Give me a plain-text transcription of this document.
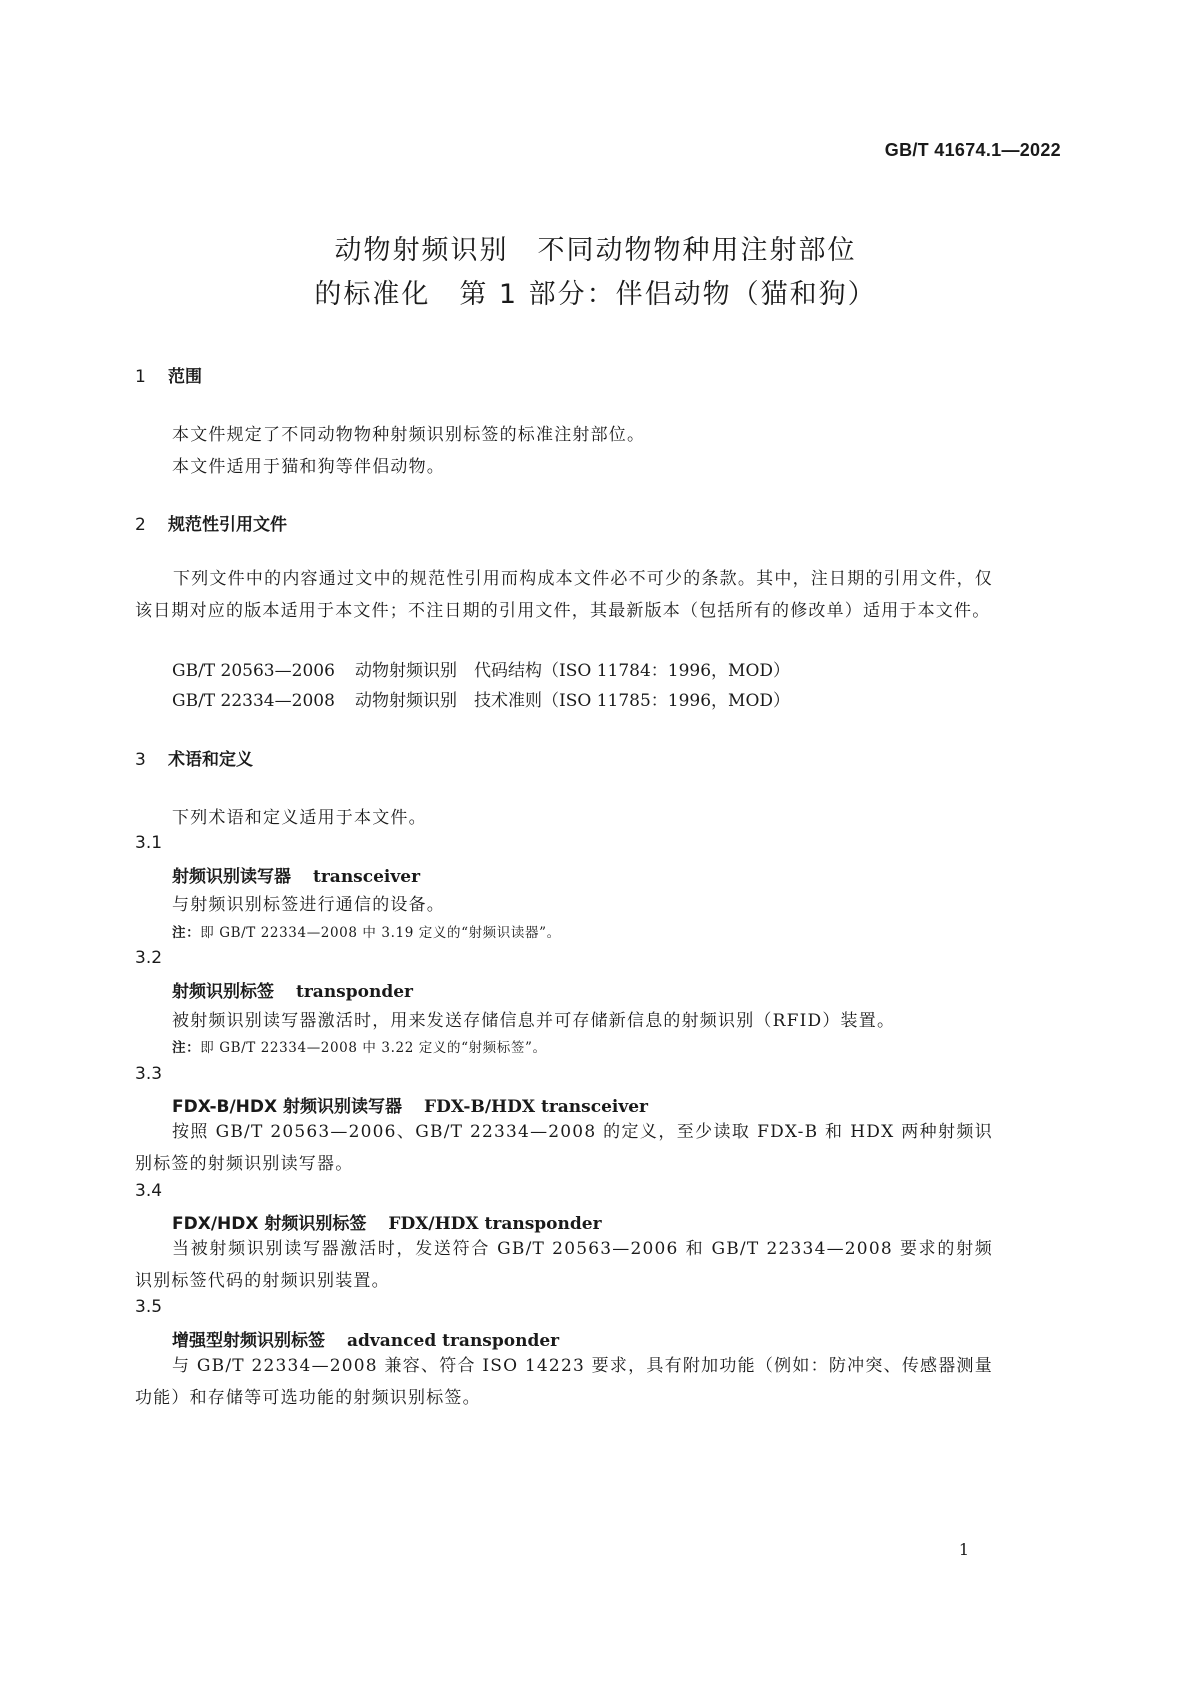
GB/T 41674.1—2022
动物射频识别　不同动物物种用注射部位
的标准化　第 1 部分：伴侣动物（猫和狗）
1 范围
本文件规定了不同动物物种射频识别标签的标准注射部位。
本文件适用于猫和狗等伴侣动物。
2 规范性引用文件
下列文件中的内容通过文中的规范性引用而构成本文件必不可少的条款。其中，注日期的引用文件，仅该日期对应的版本适用于本文件；不注日期的引用文件，其最新版本（包括所有的修改单）适用于本文件。
GB/T 20563—2006 动物射频识别　代码结构（ISO 11784：1996，MOD）
GB/T 22334—2008 动物射频识别　技术准则（ISO 11785：1996，MOD）
3 术语和定义
下列术语和定义适用于本文件。
3.1
射频识别读写器 transceiver
与射频识别标签进行通信的设备。
注：即 GB/T 22334—2008 中 3.19 定义的“射频识读器”。
3.2
射频识别标签 transponder
被射频识别读写器激活时，用来发送存储信息并可存储新信息的射频识别（RFID）装置。
注：即 GB/T 22334—2008 中 3.22 定义的“射频标签”。
3.3
FDX-B/HDX 射频识别读写器 FDX-B/HDX transceiver
按照 GB/T 20563—2006、GB/T 22334—2008 的定义，至少读取 FDX-B 和 HDX 两种射频识别标签的射频识别读写器。
3.4
FDX/HDX 射频识别标签 FDX/HDX transponder
当被射频识别读写器激活时，发送符合 GB/T 20563—2006 和 GB/T 22334—2008 要求的射频识别标签代码的射频识别装置。
3.5
增强型射频识别标签 advanced transponder
与 GB/T 22334—2008 兼容、符合 ISO 14223 要求，具有附加功能（例如：防冲突、传感器测量功能）和存储等可选功能的射频识别标签。
1
